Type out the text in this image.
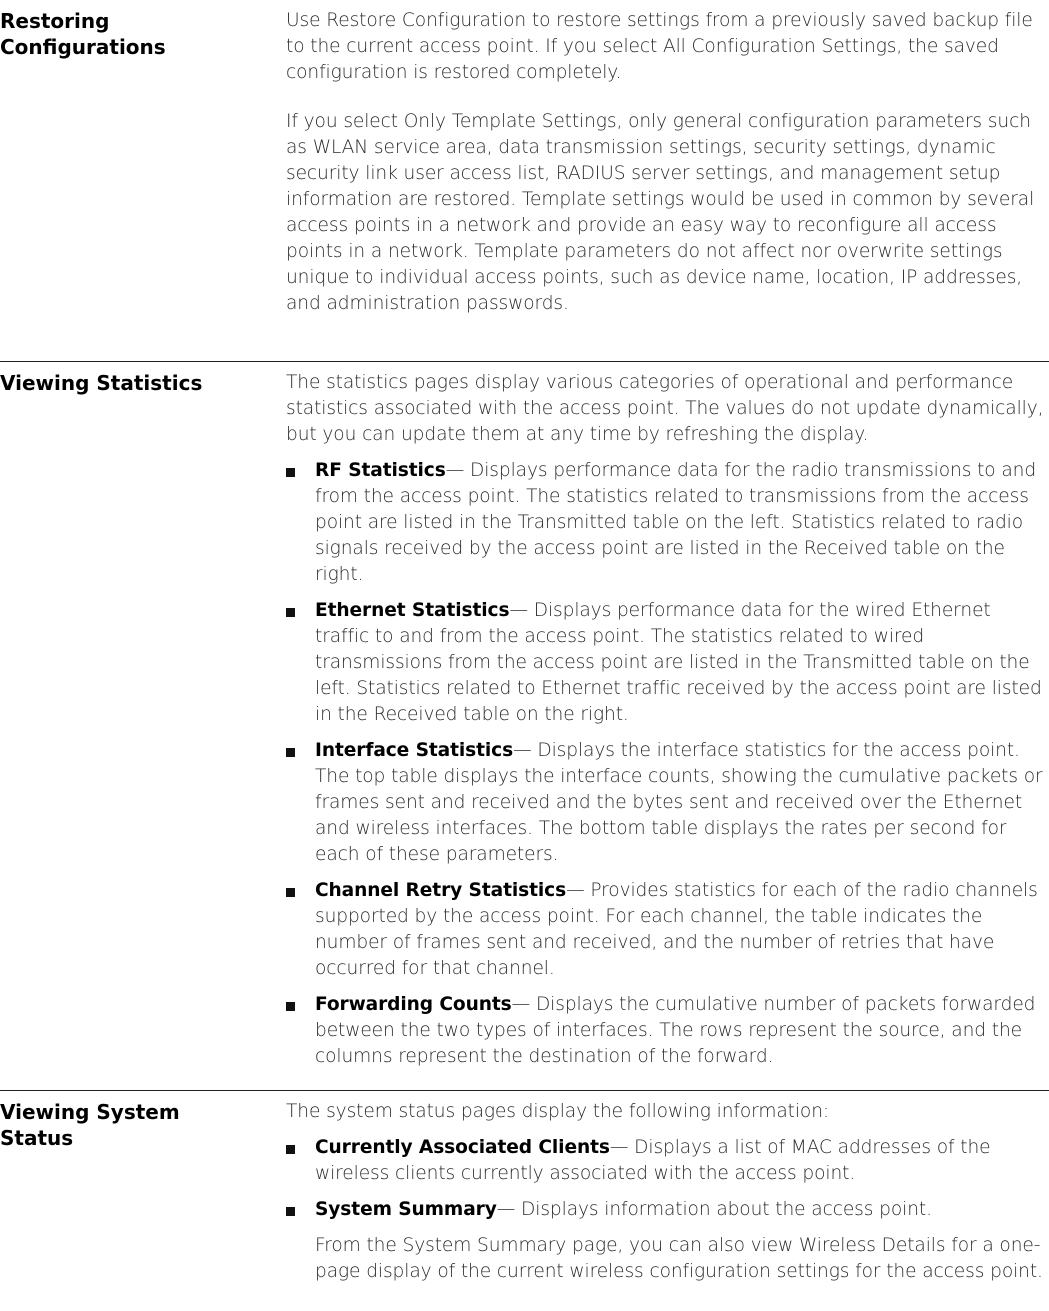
Restoring Configurations

Use Restore Configuration to restore settings from a previously saved backup file to the current access point. If you select All Configuration Settings, the saved configuration is restored completely.

If you select Only Template Settings, only general configuration parameters such as WLAN service area, data transmission settings, security settings, dynamic security link user access list, RADIUS server settings, and management setup information are restored. Template settings would be used in common by several access points in a network and provide an easy way to reconfigure all access points in a network. Template parameters do not affect nor overwrite settings unique to individual access points, such as device name, location, IP addresses, and administration passwords.

Viewing Statistics	The statistics pages display various categories of operational and performance statistics associated with the access point. The values do not update dynamically, but you can update them at any time by refreshing the display.

RF Statistics— Displays performance data for the radio transmissions to and from the access point. The statistics related to transmissions from the access point are listed in the Transmitted table on the left. Statistics related to radio signals received by the access point are listed in the Received table on the right.
Ethernet Statistics— Displays performance data for the wired Ethernet traffic to and from the access point. The statistics related to wired transmissions from the access point are listed in the Transmitted table on the left. Statistics related to Ethernet traffic received by the access point are listed in the Received table on the right.
Interface Statistics— Displays the interface statistics for the access point. The top table displays the interface counts, showing the cumulative packets or frames sent and received and the bytes sent and received over the Ethernet and wireless interfaces. The bottom table displays the rates per second for each of these parameters.
Channel Retry Statistics— Provides statistics for each of the radio channels supported by the access point. For each channel, the table indicates the number of frames sent and received, and the number of retries that have occurred for that channel.
Forwarding Counts— Displays the cumulative number of packets forwarded between the two types of interfaces. The rows represent the source, and the columns represent the destination of the forward.
Viewing System Status

The system status pages display the following information:

Currently Associated Clients— Displays a list of MAC addresses of the wireless clients currently associated with the access point.
System Summary— Displays information about the access point.

From the System Summary page, you can also view Wireless Details for a one-page display of the current wireless configuration settings for the access point.
